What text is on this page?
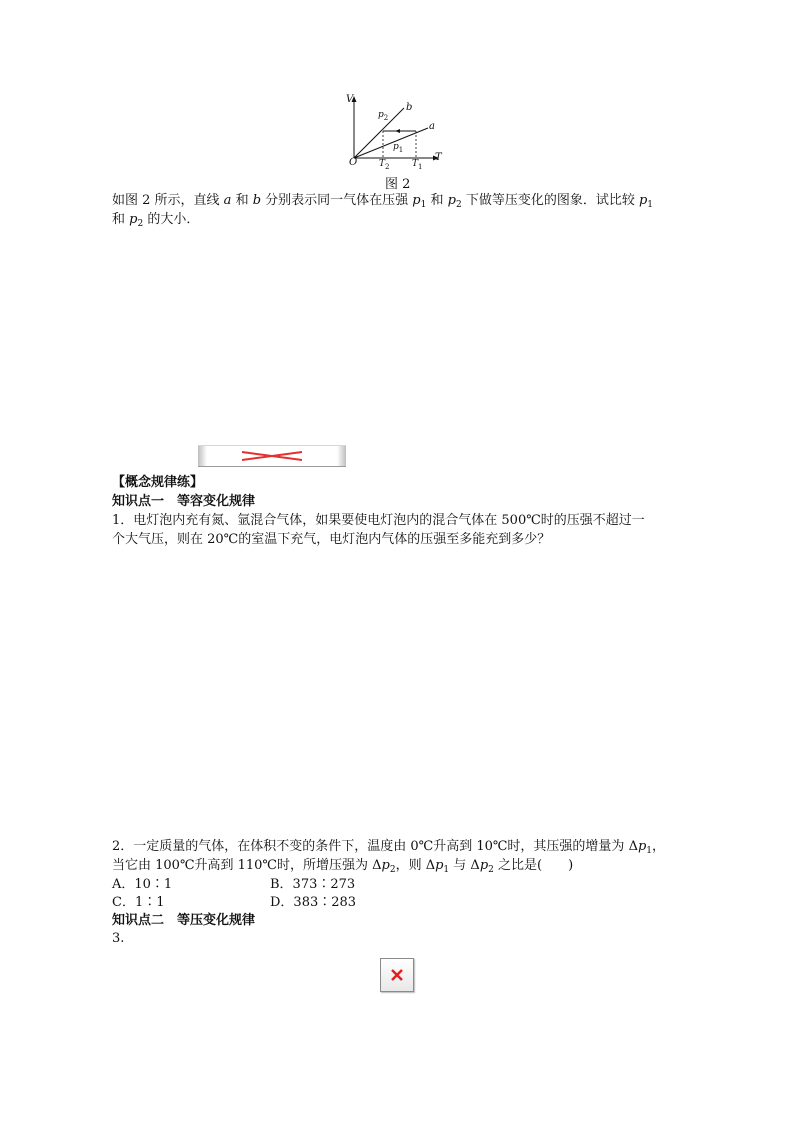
V
T
O
b
a
$p_2$
$p_1$
$T_2$	$T_1$
图 2
如图 2 所示，直线 a 和 b 分别表示同一气体在压强 $p_1$ 和 $p_2$ 下做等压变化的图象．试比较 $p_1$
和 $p_2$ 的大小．
【概念规律练】
知识点一　等容变化规律
1．电灯泡内充有氮、氩混合气体，如果要使电灯泡内的混合气体在 500℃时的压强不超过一
个大气压，则在 20℃的室温下充气，电灯泡内气体的压强至多能充到多少？
2．一定质量的气体，在体积不变的条件下，温度由 0℃升高到 10℃时，其压强的增量为 $\Delta p_1$，
当它由 100℃升高到 110℃时，所增压强为 $\Delta p_2$，则 $\Delta p_1$ 与 $\Delta p_2$ 之比是(　　)
A．10∶1	B．373∶273
C．1∶1	D．383∶283
知识点二　等压变化规律
3.
